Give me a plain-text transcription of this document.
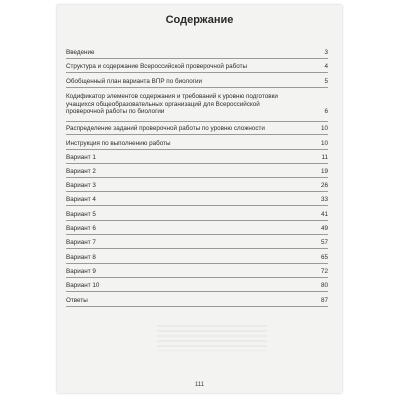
Содержание
Введение	3
Структура и содержание Всероссийской проверочной работы	4
Обобщенный план варианта ВПР по биологии	5
Кодификатор элементов содержания и требований к уровню подготовки учащихся общеобразовательных организаций для Всероссийской проверочной работы по биологии	6
Распределение заданий проверочной работы по уровню сложности	10
Инструкция по выполнению работы	10
Вариант 1	11
Вариант 2	19
Вариант 3	26
Вариант 4	33
Вариант 5	41
Вариант 6	49
Вариант 7	57
Вариант 8	65
Вариант 9	72
Вариант 10	80
Ответы	87
111
